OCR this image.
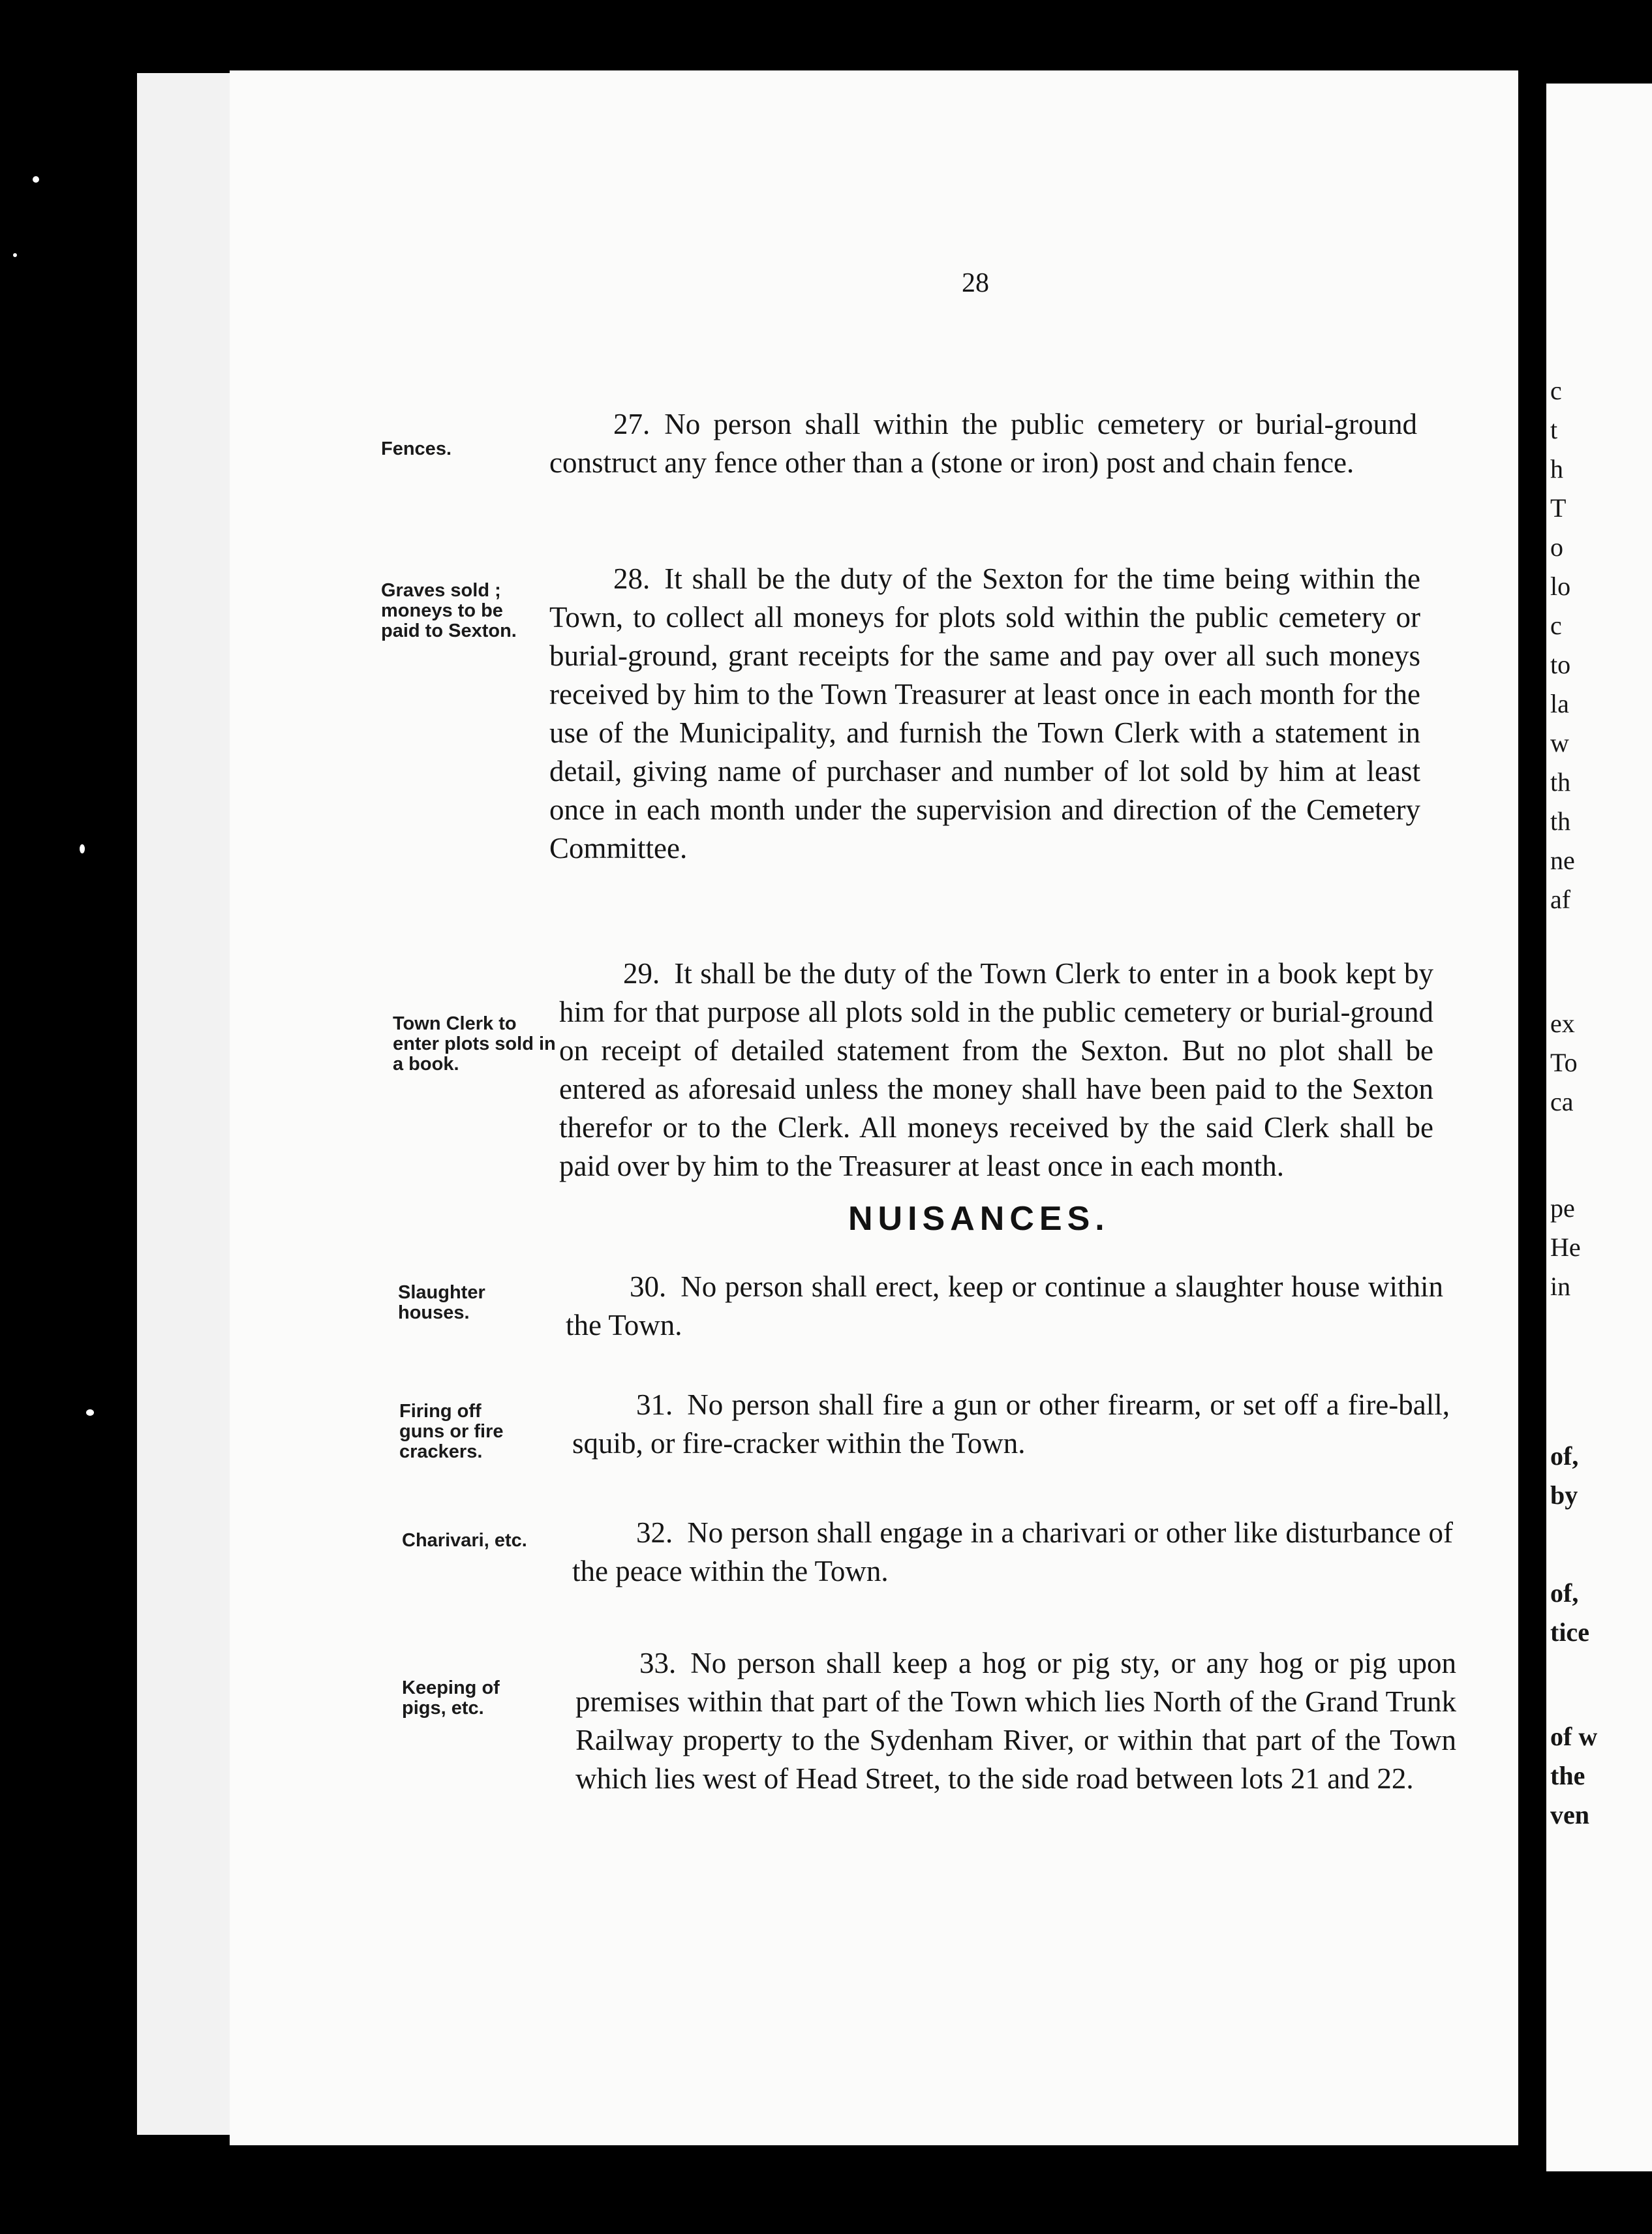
28
Fences.
27. No person shall within the public cemetery or burial-ground construct any fence other than a (stone or iron) post and chain fence.
Graves sold ; moneys to be paid to Sexton.
28. It shall be the duty of the Sexton for the time being within the Town, to collect all moneys for plots sold within the public cemetery or burial-ground, grant receipts for the same and pay over all such moneys received by him to the Town Treasurer at least once in each month for the use of the Municipality, and furnish the Town Clerk with a statement in detail, giving name of purchaser and number of lot sold by him at least once in each month under the supervision and direction of the Cemetery Committee.
Town Clerk to enter plots sold in a book.
29. It shall be the duty of the Town Clerk to enter in a book kept by him for that purpose all plots sold in the public cemetery or burial-ground on receipt of detailed statement from the Sexton. But no plot shall be entered as aforesaid unless the money shall have been paid to the Sexton therefor or to the Clerk. All moneys received by the said Clerk shall be paid over by him to the Treasurer at least once in each month.
NUISANCES.
Slaughter houses.
30. No person shall erect, keep or continue a slaughter house within the Town.
Firing off guns or fire crackers.
31. No person shall fire a gun or other firearm, or set off a fire-ball, squib, or fire-cracker within the Town.
Charivari, etc.	32. No person shall engage in a charivari or other like disturbance of the peace within the Town.
Keeping of pigs, etc.
33. No person shall keep a hog or pig sty, or any hog or pig upon premises within that part of the Town which lies North of the Grand Trunk Railway property to the Sydenham River, or within that part of the Town which lies west of Head Street, to the side road between lots 21 and 22.
c
t
h
T
o
lo
c
to
la
w
th
th
ne
af
ex
To
ca
pe
He
in
of,
by
of,
tice
of w
the
ven
